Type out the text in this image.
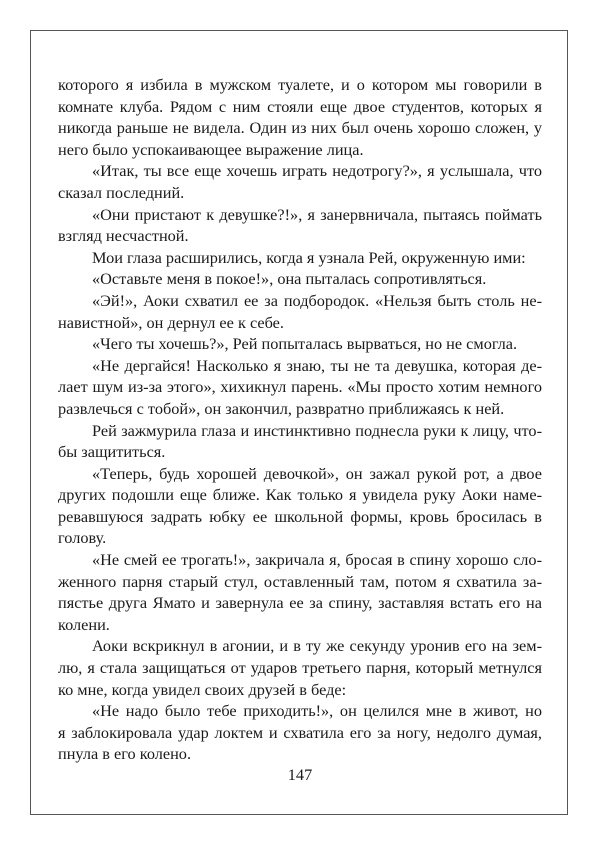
которого я избила в мужском туалете, и о котором мы говорили в
комнате клуба. Рядом с ним стояли еще двое студентов, которых я
никогда раньше не видела. Один из них был очень хорошо сложен, у
него было успокаивающее выражение лица.
«Итак, ты все еще хочешь играть недотрогу?», я услышала, что
сказал последний.
«Они пристают к девушке?!», я занервничала, пытаясь поймать
взгляд несчастной.
Мои глаза расширились, когда я узнала Рей, окруженную ими:
«Оставьте меня в покое!», она пыталась сопротивляться.
«Эй!», Аоки схватил ее за подбородок. «Нельзя быть столь не-
навистной», он дернул ее к себе.
«Чего ты хочешь?», Рей попыталась вырваться, но не смогла.
«Не дергайся! Насколько я знаю, ты не та девушка, которая де-
лает шум из-за этого», хихикнул парень. «Мы просто хотим немного
развлечься с тобой», он закончил, развратно приближаясь к ней.
Рей зажмурила глаза и инстинктивно поднесла руки к лицу, что-
бы защититься.
«Теперь, будь хорошей девочкой», он зажал рукой рот, а двое
других подошли еще ближе. Как только я увидела руку Аоки наме-
ревавшуюся задрать юбку ее школьной формы, кровь бросилась в
голову.
«Не смей ее трогать!», закричала я, бросая в спину хорошо сло-
женного парня старый стул, оставленный там, потом я схватила за-
пястье друга Ямато и завернула ее за спину, заставляя встать его на
колени.
Аоки вскрикнул в агонии, и в ту же секунду уронив его на зем-
лю, я стала защищаться от ударов третьего парня, который метнулся
ко мне, когда увидел своих друзей в беде:
«Не надо было тебе приходить!», он целился мне в живот, но
я заблокировала удар локтем и схватила его за ногу, недолго думая,
пнула в его колено.
147
